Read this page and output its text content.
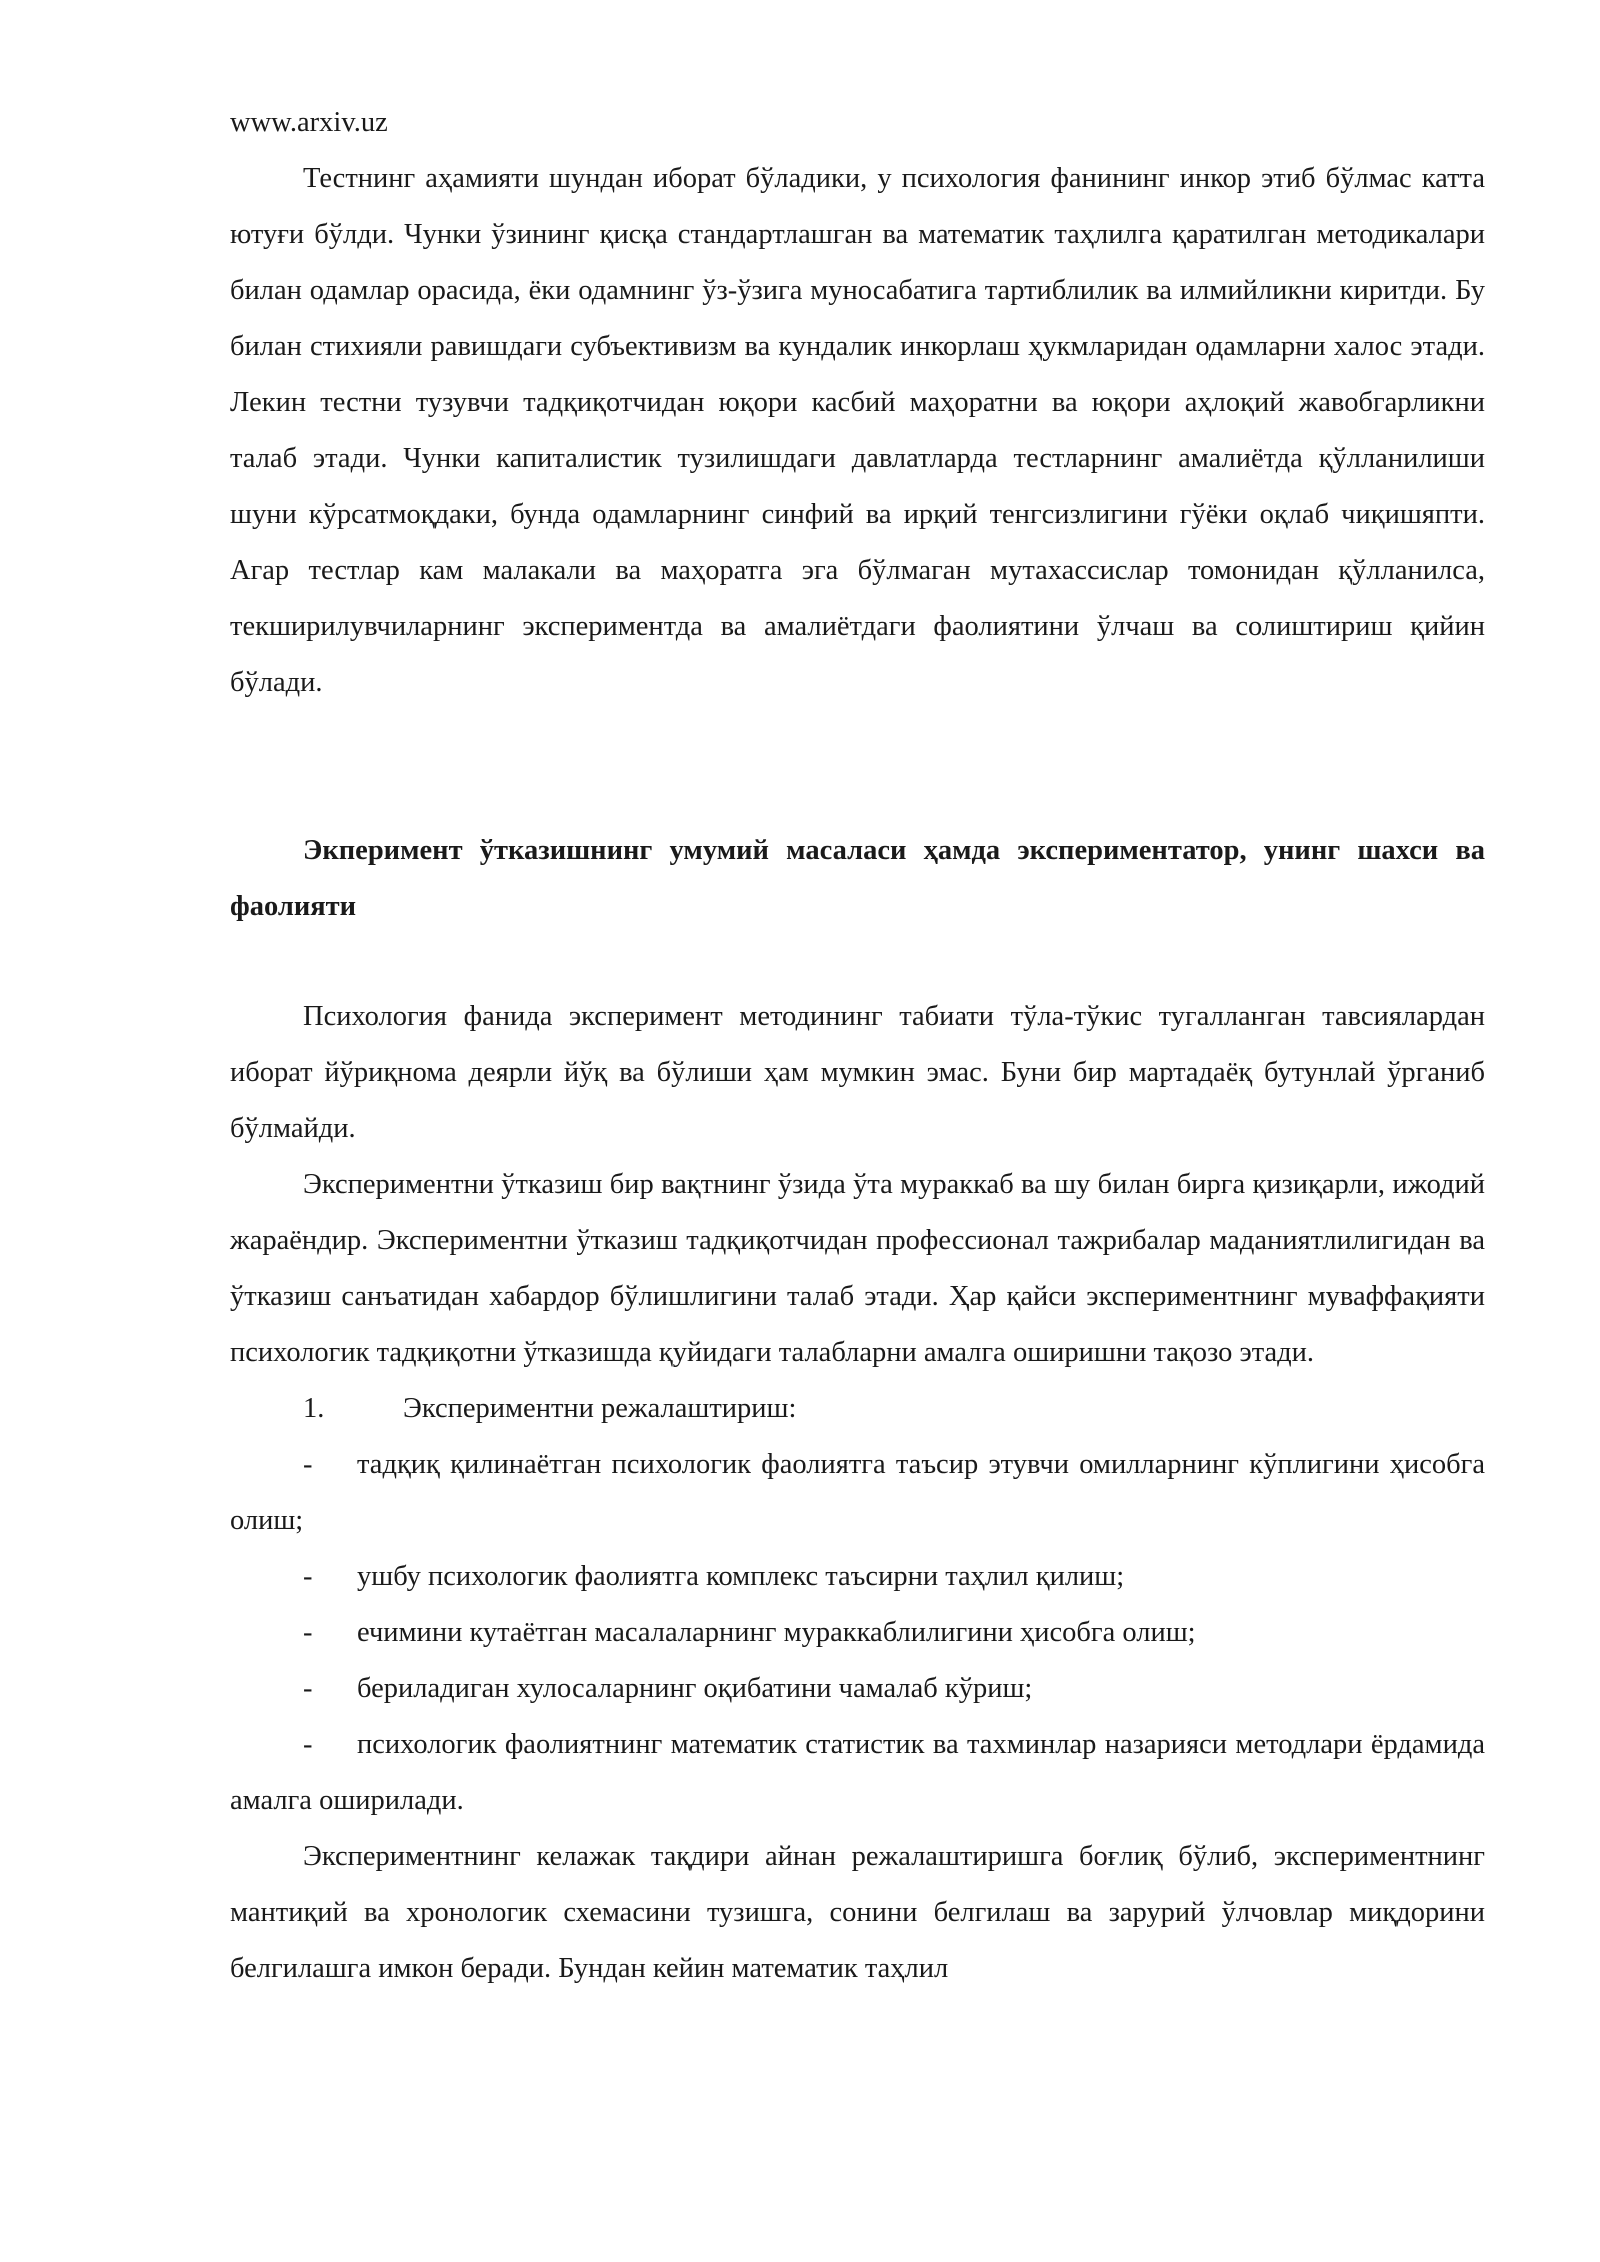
www.arxiv.uz

Тестнинг аҳамияти шундан иборат бўладики, у психология фанининг инкор этиб бўлмас катта ютуғи бўлди. Чунки ўзининг қисқа стандартлашган ва математик таҳлилга қаратилган методикалари билан одамлар орасида, ёки одамнинг ўз-ўзига муносабатига тартиблилик ва илмийликни киритди. Бу билан стихияли равишдаги субъективизм ва кундалик инкорлаш ҳукмларидан одамларни халос этади. Лекин тестни тузувчи тадқиқотчидан юқори касбий маҳоратни ва юқори аҳлоқий жавобгарликни талаб этади. Чунки капиталистик тузилишдаги давлатларда тестларнинг амалиётда қўлланилиши шуни кўрсатмоқдаки, бунда одамларнинг синфий ва ирқий тенгсизлигини гўёки оқлаб чиқишяпти. Агар тестлар кам малакали ва маҳоратга эга бўлмаган мутахассислар томонидан қўлланилса, текширилувчиларнинг экспериментда ва амалиётдаги фаолиятини ўлчаш ва солиштириш қийин бўлади.

Экперимент ўтказишнинг умумий масаласи ҳамда экспериментатор, унинг шахси ва фаолияти

Психология фанида эксперимент методининг табиати тўла-тўкис тугалланган тавсиялардан иборат йўриқнома деярли йўқ ва бўлиши ҳам мумкин эмас. Буни бир мартадаёқ бутунлай ўрганиб бўлмайди.

Экспериментни ўтказиш бир вақтнинг ўзида ўта мураккаб ва шу билан бирга қизиқарли, ижодий жараёндир. Экспериментни ўтказиш тадқиқотчидан профессионал тажрибалар маданиятлилигидан ва ўтказиш санъатидан хабардор бўлишлигини талаб этади. Ҳар қайси экспериментнинг муваффақияти психологик тадқиқотни ўтказишда қуйидаги талабларни амалга оширишни тақозо этади.

1.	Экспериментни режалаштириш:

- тадқиқ қилинаётган психологик фаолиятга таъсир этувчи омилларнинг кўплигини ҳисобга олиш;

- ушбу психологик фаолиятга комплекс таъсирни таҳлил қилиш;

- ечимини кутаётган масалаларнинг мураккаблилигини ҳисобга олиш;

- бериладиган хулосаларнинг оқибатини чамалаб кўриш;

- психологик фаолиятнинг математик статистик ва тахминлар назарияси методлари ёрдамида амалга оширилади.

Экспериментнинг келажак тақдири айнан режалаштиришга боғлиқ бўлиб, экспериментнинг мантиқий ва хронологик схемасини тузишга, сонини белгилаш ва зарурий ўлчовлар миқдорини белгилашга имкон беради. Бундан кейин математик таҳлил
